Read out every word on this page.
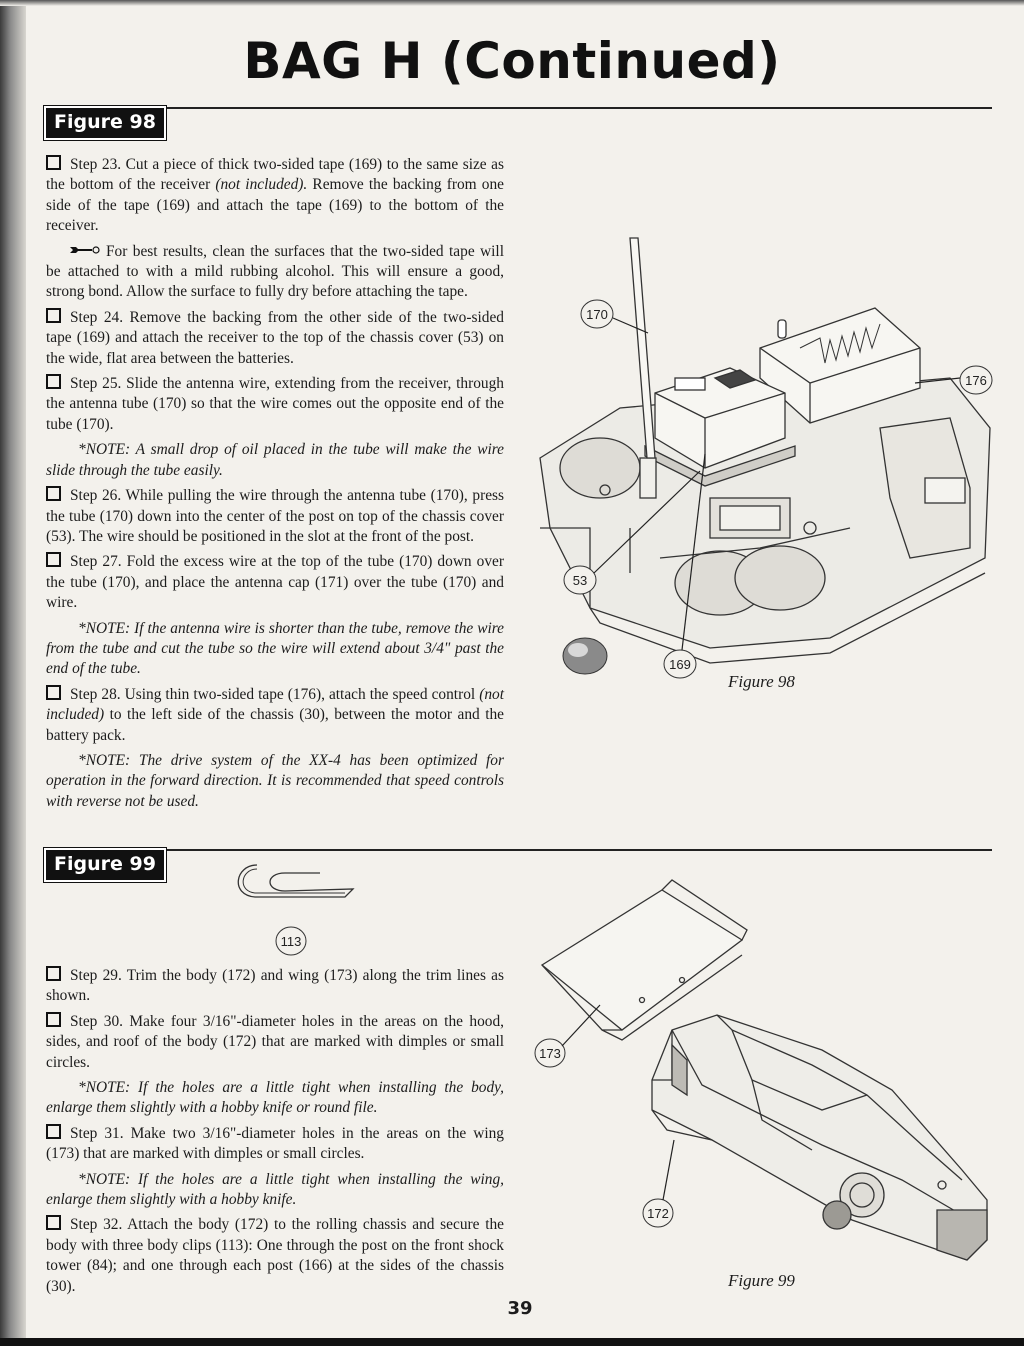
BAG H (Continued)
Figure 98

Step 23. Cut a piece of thick two-sided tape (169) to the same size as the bottom of the receiver (not included). Remove the backing from one side of the tape (169) and attach the tape (169) to the bottom of the receiver.

For best results, clean the surfaces that the two-sided tape will be attached to with a mild rubbing alcohol. This will ensure a good, strong bond. Allow the surface to fully dry before attaching the tape.

Step 24. Remove the backing from the other side of the two-sided tape (169) and attach the receiver to the top of the chassis cover (53) on the wide, flat area between the batteries.

Step 25. Slide the antenna wire, extending from the receiver, through the antenna tube (170) so that the wire comes out the opposite end of the tube (170).

*NOTE: A small drop of oil placed in the tube will make the wire slide through the tube easily.

Step 26. While pulling the wire through the antenna tube (170), press the tube (170) down into the center of the post on top of the chassis cover (53). The wire should be positioned in the slot at the front of the post.

Step 27. Fold the excess wire at the top of the tube (170) down over the tube (170), and place the antenna cap (171) over the tube (170) and wire.

*NOTE: If the antenna wire is shorter than the tube, remove the wire from the tube and cut the tube so the wire will extend about 3/4" past the end of the tube.

Step 28. Using thin two-sided tape (176), attach the speed control (not included) to the left side of the chassis (30), between the motor and the battery pack.

*NOTE: The drive system of the XX-4 has been optimized for operation in the forward direction. It is recommended that speed controls with reverse not be used.

170
176
53
169
Figure 98
Figure 99
113

Step 29. Trim the body (172) and wing (173) along the trim lines as shown.

Step 30. Make four 3/16"-diameter holes in the areas on the hood, sides, and roof of the body (172) that are marked with dimples or small circles.

*NOTE: If the holes are a little tight when installing the body, enlarge them slightly with a hobby knife or round file.

Step 31. Make two 3/16"-diameter holes in the areas on the wing (173) that are marked with dimples or small circles.

*NOTE: If the holes are a little tight when installing the wing, enlarge them slightly with a hobby knife.

Step 32. Attach the body (172) to the rolling chassis and secure the body with three body clips (113): One through the post on the front shock tower (84); and one through each post (166) at the sides of the chassis (30).

173
172
Figure 99
39
